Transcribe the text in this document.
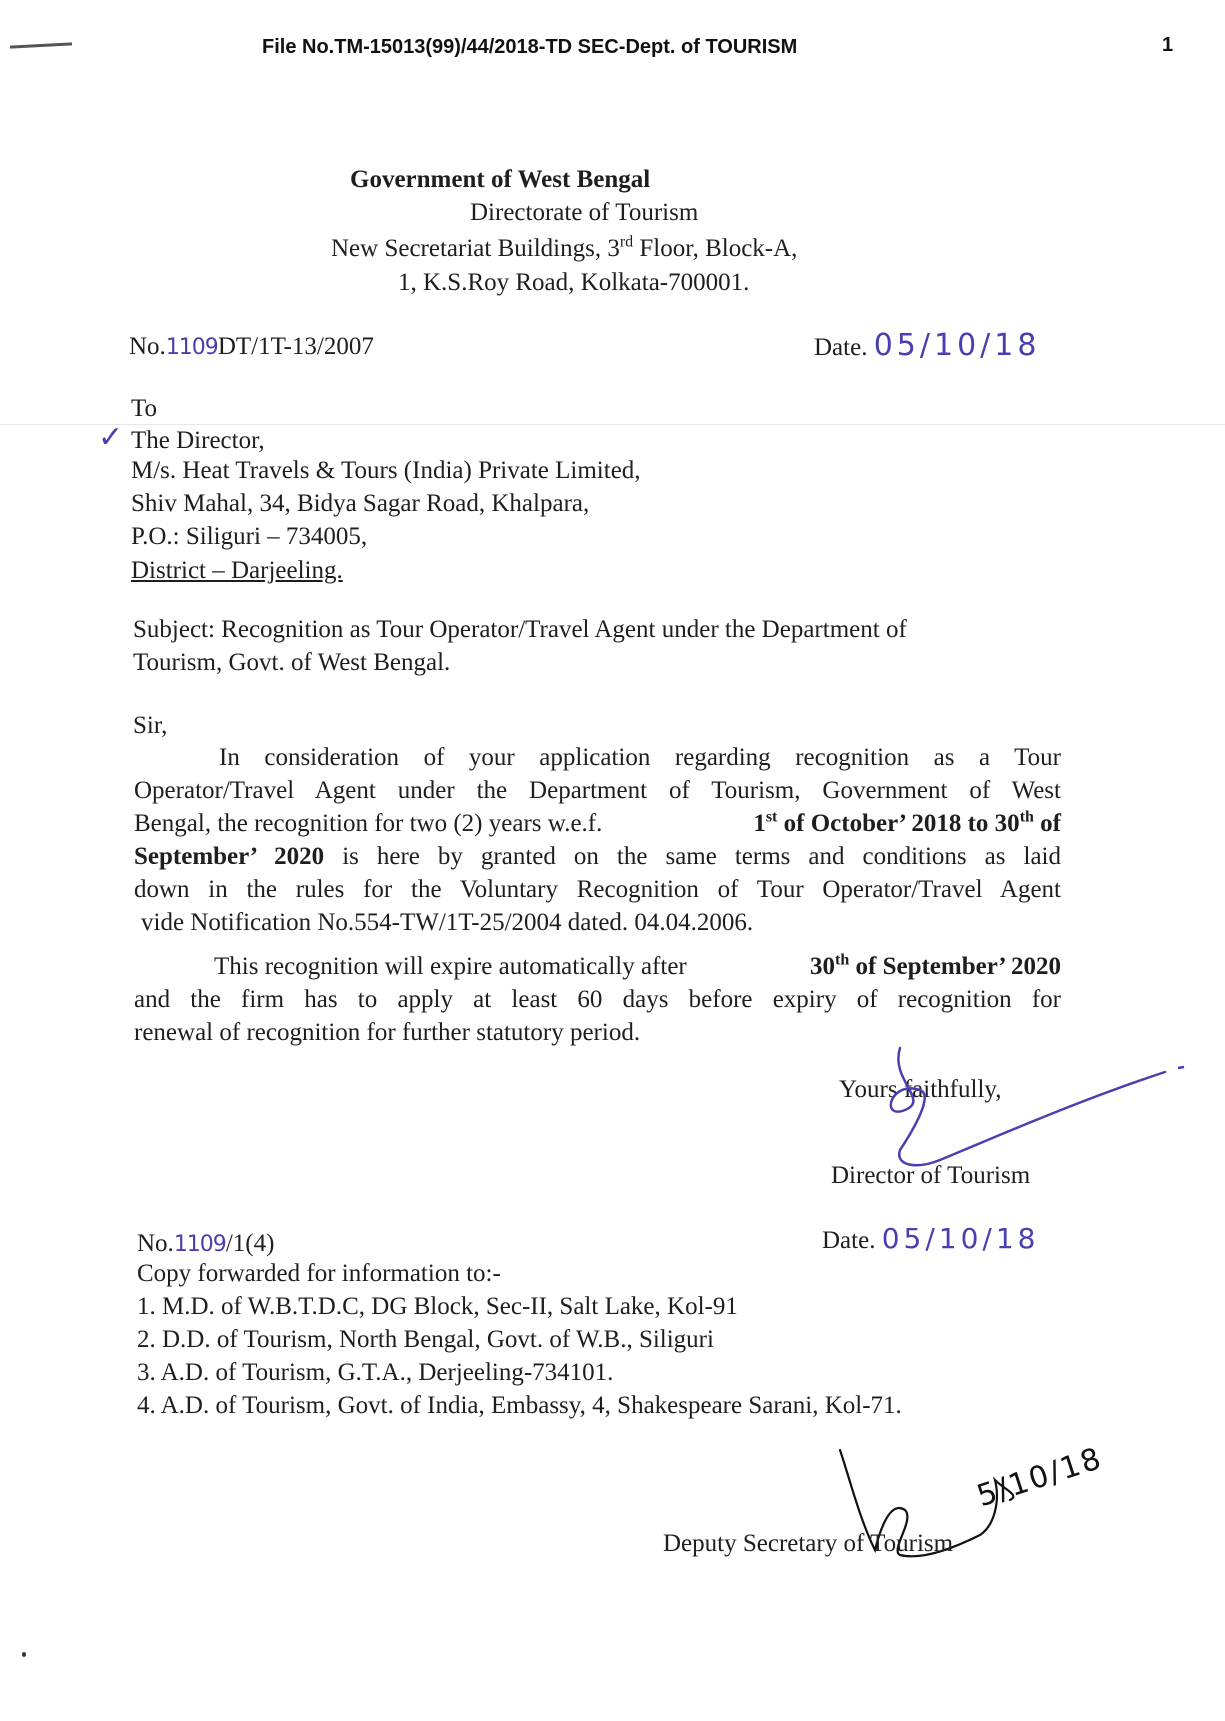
File No.TM-15013(99)/44/2018-TD SEC-Dept. of TOURISM	1
Government of West Bengal
Directorate of Tourism
New Secretariat Buildings, 3rd Floor, Block-A,
1, K.S.Roy Road, Kolkata-700001.
No.1109DT/1T-13/2007	Date. 05/10/18
To
✓ The Director,
M/s. Heat Travels & Tours (India) Private Limited,
Shiv Mahal, 34, Bidya Sagar Road, Khalpara,
P.O.: Siliguri – 734005,
District – Darjeeling.
Subject: Recognition as Tour Operator/Travel Agent under the Department of
Tourism, Govt. of West Bengal.
Sir,
In consideration of your application regarding recognition as a Tour
Operator/Travel Agent under the Department of Tourism, Government of West
Bengal, the recognition for two (2) years w.e.f.	1st of October’ 2018 to 30th of
September’ 2020 is here by granted on the same terms and conditions as laid
down in the rules for the Voluntary Recognition of Tour Operator/Travel Agent
vide Notification No.554-TW/1T-25/2004 dated. 04.04.2006.
This recognition will expire automatically after	30th of September’ 2020
and the firm has to apply at least 60 days before expiry of recognition for
renewal of recognition for further statutory period.
Yours faithfully,
Director of Tourism
No.1109/1(4)	Date. 05/10/18
Copy forwarded for information to:-
1. M.D. of W.B.T.D.C, DG Block, Sec-II, Salt Lake, Kol-91
2. D.D. of Tourism, North Bengal, Govt. of W.B., Siliguri
3. A.D. of Tourism, G.T.A., Derjeeling-734101.
4. A.D. of Tourism, Govt. of India, Embassy, 4, Shakespeare Sarani, Kol-71.
5/10/18
Deputy Secretary of Tourism
